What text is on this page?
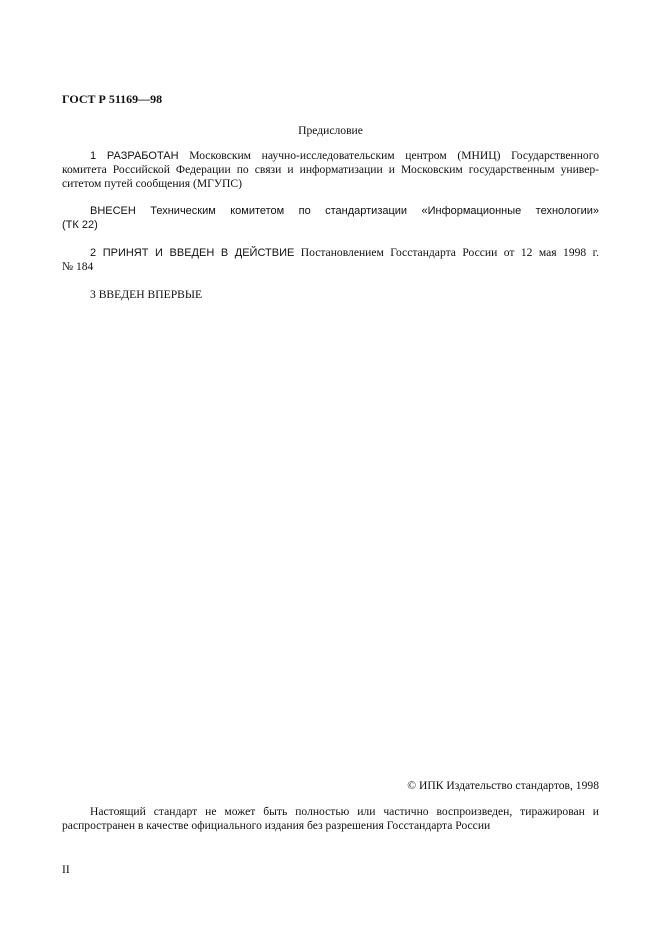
ГОСТ Р 51169—98
Предисловие
1 РАЗРАБОТАН Московским научно-исследовательским центром (МНИЦ) Государственного
комитета Российской Федерации по связи и информатизации и Московским государственным универ-
ситетом путей сообщения (МГУПС)
ВНЕСЕН Техническим комитетом по стандартизации «Информационные технологии»
(ТК 22)
2 ПРИНЯТ И ВВЕДЕН В ДЕЙСТВИЕ Постановлением Госстандарта России от 12 мая 1998 г.
№ 184
3 ВВЕДЕН ВПЕРВЫЕ
© ИПК Издательство стандартов, 1998
Настоящий стандарт не может быть полностью или частично воспроизведен, тиражирован и
распространен в качестве официального издания без разрешения Госстандарта России
II
